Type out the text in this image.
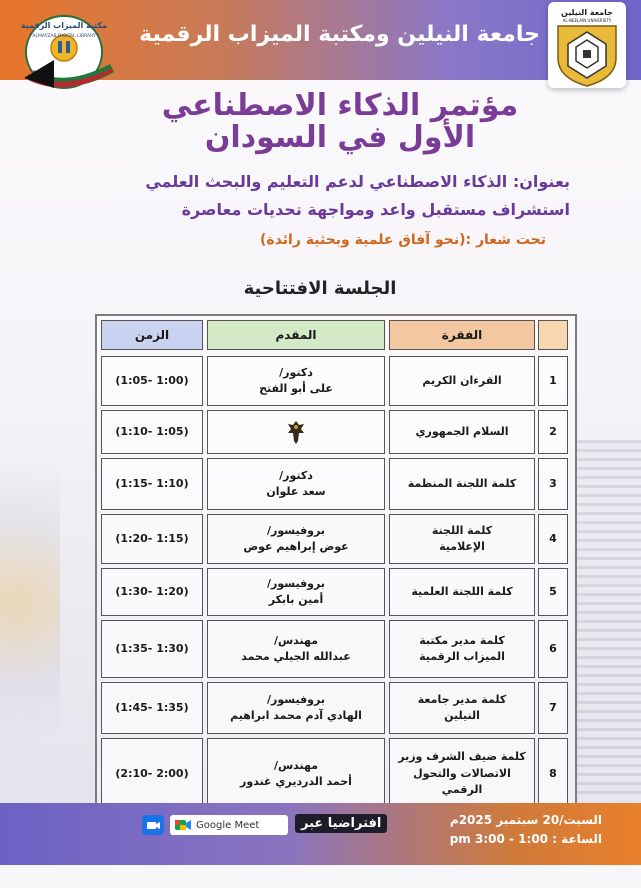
مكتبة الميزاب الرقمية
ALMAYZAB DIGITAL LIBRARY	جامعة النيلين ومكتبة الميزاب الرقمية
جامعة النيلين
AL-NEELAIN UNIVERSITY
مؤتمر الذكاء الاصطناعي
الأول في السودان
بعنوان: الذكاء الاصطناعي لدعم التعليم والبحث العلمي
استشراف مستقبل واعد ومواجهة تحديات معاصرة
تحت شعار :(نحو آفاق علمية وبحثية رائدة)
الجلسة الافتتاحية
الفقرة
المقدم
الزمن
1
القرءان الكريم
دكتور/
على أبو الفتح
(1:00 -1:05)
2
السلام الجمهوري
(1:05 -1:10)
3
كلمة اللجنة المنظمة
دكتور/
سعد علوان
(1:10 -1:15)
4
كلمة اللجنة الإعلامية
بروفيسور/
عوض إبراهيم عوض
(1:15 -1:20)
5
كلمة اللجنة العلمية
بروفيسور/
أمين بابكر
(1:20 -1:30)
6
كلمة مدير مكتبة الميزاب الرقمية
مهندس/
عبدالله الجيلي محمد
(1:30 -1:35)
7
كلمة مدير جامعة النيلين
بروفيسور/
الهادي آدم محمد ابراهيم
(1:35 -1:45)
8
كلمة ضيف الشرف وزير الاتصالات والتحول الرقمي
مهندس/
أحمد الدرديري غندور
(2:00 -2:10)
السبت/20 سبتمبر 2025م
الساعة : 1:00 - 3:00 pm
افتراضيا عبر
Google Meet
